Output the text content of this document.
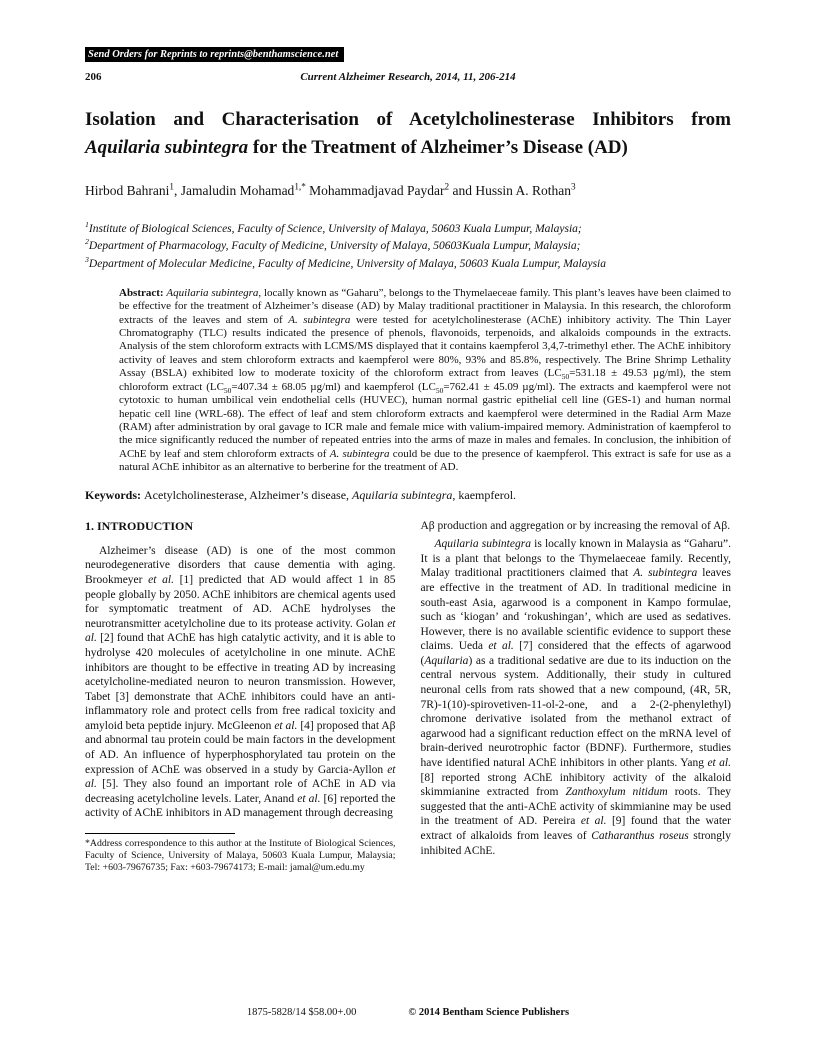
Send Orders for Reprints to reprints@benthamscience.net
206	Current Alzheimer Research, 2014, 11, 206-214
Isolation and Characterisation of Acetylcholinesterase Inhibitors from Aquilaria subintegra for the Treatment of Alzheimer’s Disease (AD)
Hirbod Bahrani$^1$, Jamaludin Mohamad$^{1,*}$ Mohammadjavad Paydar$^2$ and Hussin A. Rothan$^3$
$^1$Institute of Biological Sciences, Faculty of Science, University of Malaya, 50603 Kuala Lumpur, Malaysia;
$^2$Department of Pharmacology, Faculty of Medicine, University of Malaya, 50603Kuala Lumpur, Malaysia;
$^3$Department of Molecular Medicine, Faculty of Medicine, University of Malaya, 50603 Kuala Lumpur, Malaysia
Abstract: Aquilaria subintegra, locally known as “Gaharu”, belongs to the Thymelaeceae family. This plant’s leaves have been claimed to be effective for the treatment of Alzheimer’s disease (AD) by Malay traditional practitioner in Malaysia. In this research, the chloroform extracts of the leaves and stem of A. subintegra were tested for acetylcholinesterase (AChE) inhibitory activity. The Thin Layer Chromatography (TLC) results indicated the presence of phenols, flavonoids, terpenoids, and alkaloids compounds in the extracts. Analysis of the stem chloroform extracts with LCMS/MS displayed that it contains kaempferol 3,4,7-trimethyl ether. The AChE inhibitory activity of leaves and stem chloroform extracts and kaempferol were 80%, 93% and 85.8%, respectively. The Brine Shrimp Lethality Assay (BSLA) exhibited low to moderate toxicity of the chloroform extract from leaves ($LC_{50}=531.18 \pm 49.53$ µg/ml), the stem chloroform extract ($LC_{50}=407.34 \pm 68.05$ µg/ml) and kaempferol ($LC_{50}=762.41 \pm 45.09$ µg/ml). The extracts and kaempferol were not cytotoxic to human umbilical vein endothelial cells (HUVEC), human normal gastric epithelial cell line (GES-1) and human normal hepatic cell line (WRL-68). The effect of leaf and stem chloroform extracts and kaempferol were determined in the Radial Arm Maze (RAM) after administration by oral gavage to ICR male and female mice with valium-impaired memory. Administration of kaempferol to the mice significantly reduced the number of repeated entries into the arms of maze in males and females. In conclusion, the inhibition of AChE by leaf and stem chloroform extracts of A. subintegra could be due to the presence of kaempferol. This extract is safe for use as a natural AChE inhibitor as an alternative to berberine for the treatment of AD.
Keywords: Acetylcholinesterase, Alzheimer’s disease, Aquilaria subintegra, kaempferol.
1. INTRODUCTION

Alzheimer’s disease (AD) is one of the most common neurodegenerative disorders that cause dementia with aging. Brookmeyer et al. [1] predicted that AD would affect 1 in 85 people globally by 2050. AChE inhibitors are chemical agents used for symptomatic treatment of AD. AChE hydrolyses the neurotransmitter acetylcholine due to its protease activity. Golan et al. [2] found that AChE has high catalytic activity, and it is able to hydrolyse 420 molecules of acetylcholine in one minute. AChE inhibitors are thought to be effective in treating AD by increasing acetylcholine-mediated neuron to neuron transmission. However, Tabet [3] demonstrate that AChE inhibitors could have an anti-inflammatory role and protect cells from free radical toxicity and amyloid beta peptide injury. McGleenon et al. [4] proposed that Aβ and abnormal tau protein could be main factors in the development of AD. An influence of hyperphosphorylated tau protein on the expression of AChE was observed in a study by Garcia-Ayllon et al. [5]. They also found an important role of AChE in AD via decreasing acetylcholine levels. Later, Anand et al. [6] reported the activity of AChE inhibitors in AD management through decreasing

*Address correspondence to this author at the Institute of Biological Sciences, Faculty of Science, University of Malaya, 50603 Kuala Lumpur, Malaysia; Tel: +603-79676735; Fax: +603-79674173; E-mail: jamal@um.edu.my

Aβ production and aggregation or by increasing the removal of Aβ.

Aquilaria subintegra is locally known in Malaysia as “Gaharu”. It is a plant that belongs to the Thymelaeceae family. Recently, Malay traditional practitioners claimed that A. subintegra leaves are effective in the treatment of AD. In traditional medicine in south-east Asia, agarwood is a component in Kampo formulae, such as ‘kiogan’ and ‘rokushingan’, which are used as sedatives. However, there is no available scientific evidence to support these claims. Ueda et al. [7] considered that the effects of agarwood (Aquilaria) as a traditional sedative are due to its induction on the central nervous system. Additionally, their study in cultured neuronal cells from rats showed that a new compound, (4R, 5R, 7R)-1(10)-spirovetiven-11-ol-2-one, and a 2-(2-phenylethyl) chromone derivative isolated from the methanol extract of agarwood had a significant reduction effect on the mRNA level of brain-derived neurotrophic factor (BDNF). Furthermore, studies have identified natural AChE inhibitors in other plants. Yang et al. [8] reported strong AChE inhibitory activity of the alkaloid skimmianine extracted from Zanthoxylum nitidum roots. They suggested that the anti-AChE activity of skimmianine may be used in the treatment of AD. Pereira et al. [9] found that the water extract of alkaloids from leaves of Catharanthus roseus strongly inhibited AChE.

1875-5828/14 $58.00+.00	© 2014 Bentham Science Publishers
